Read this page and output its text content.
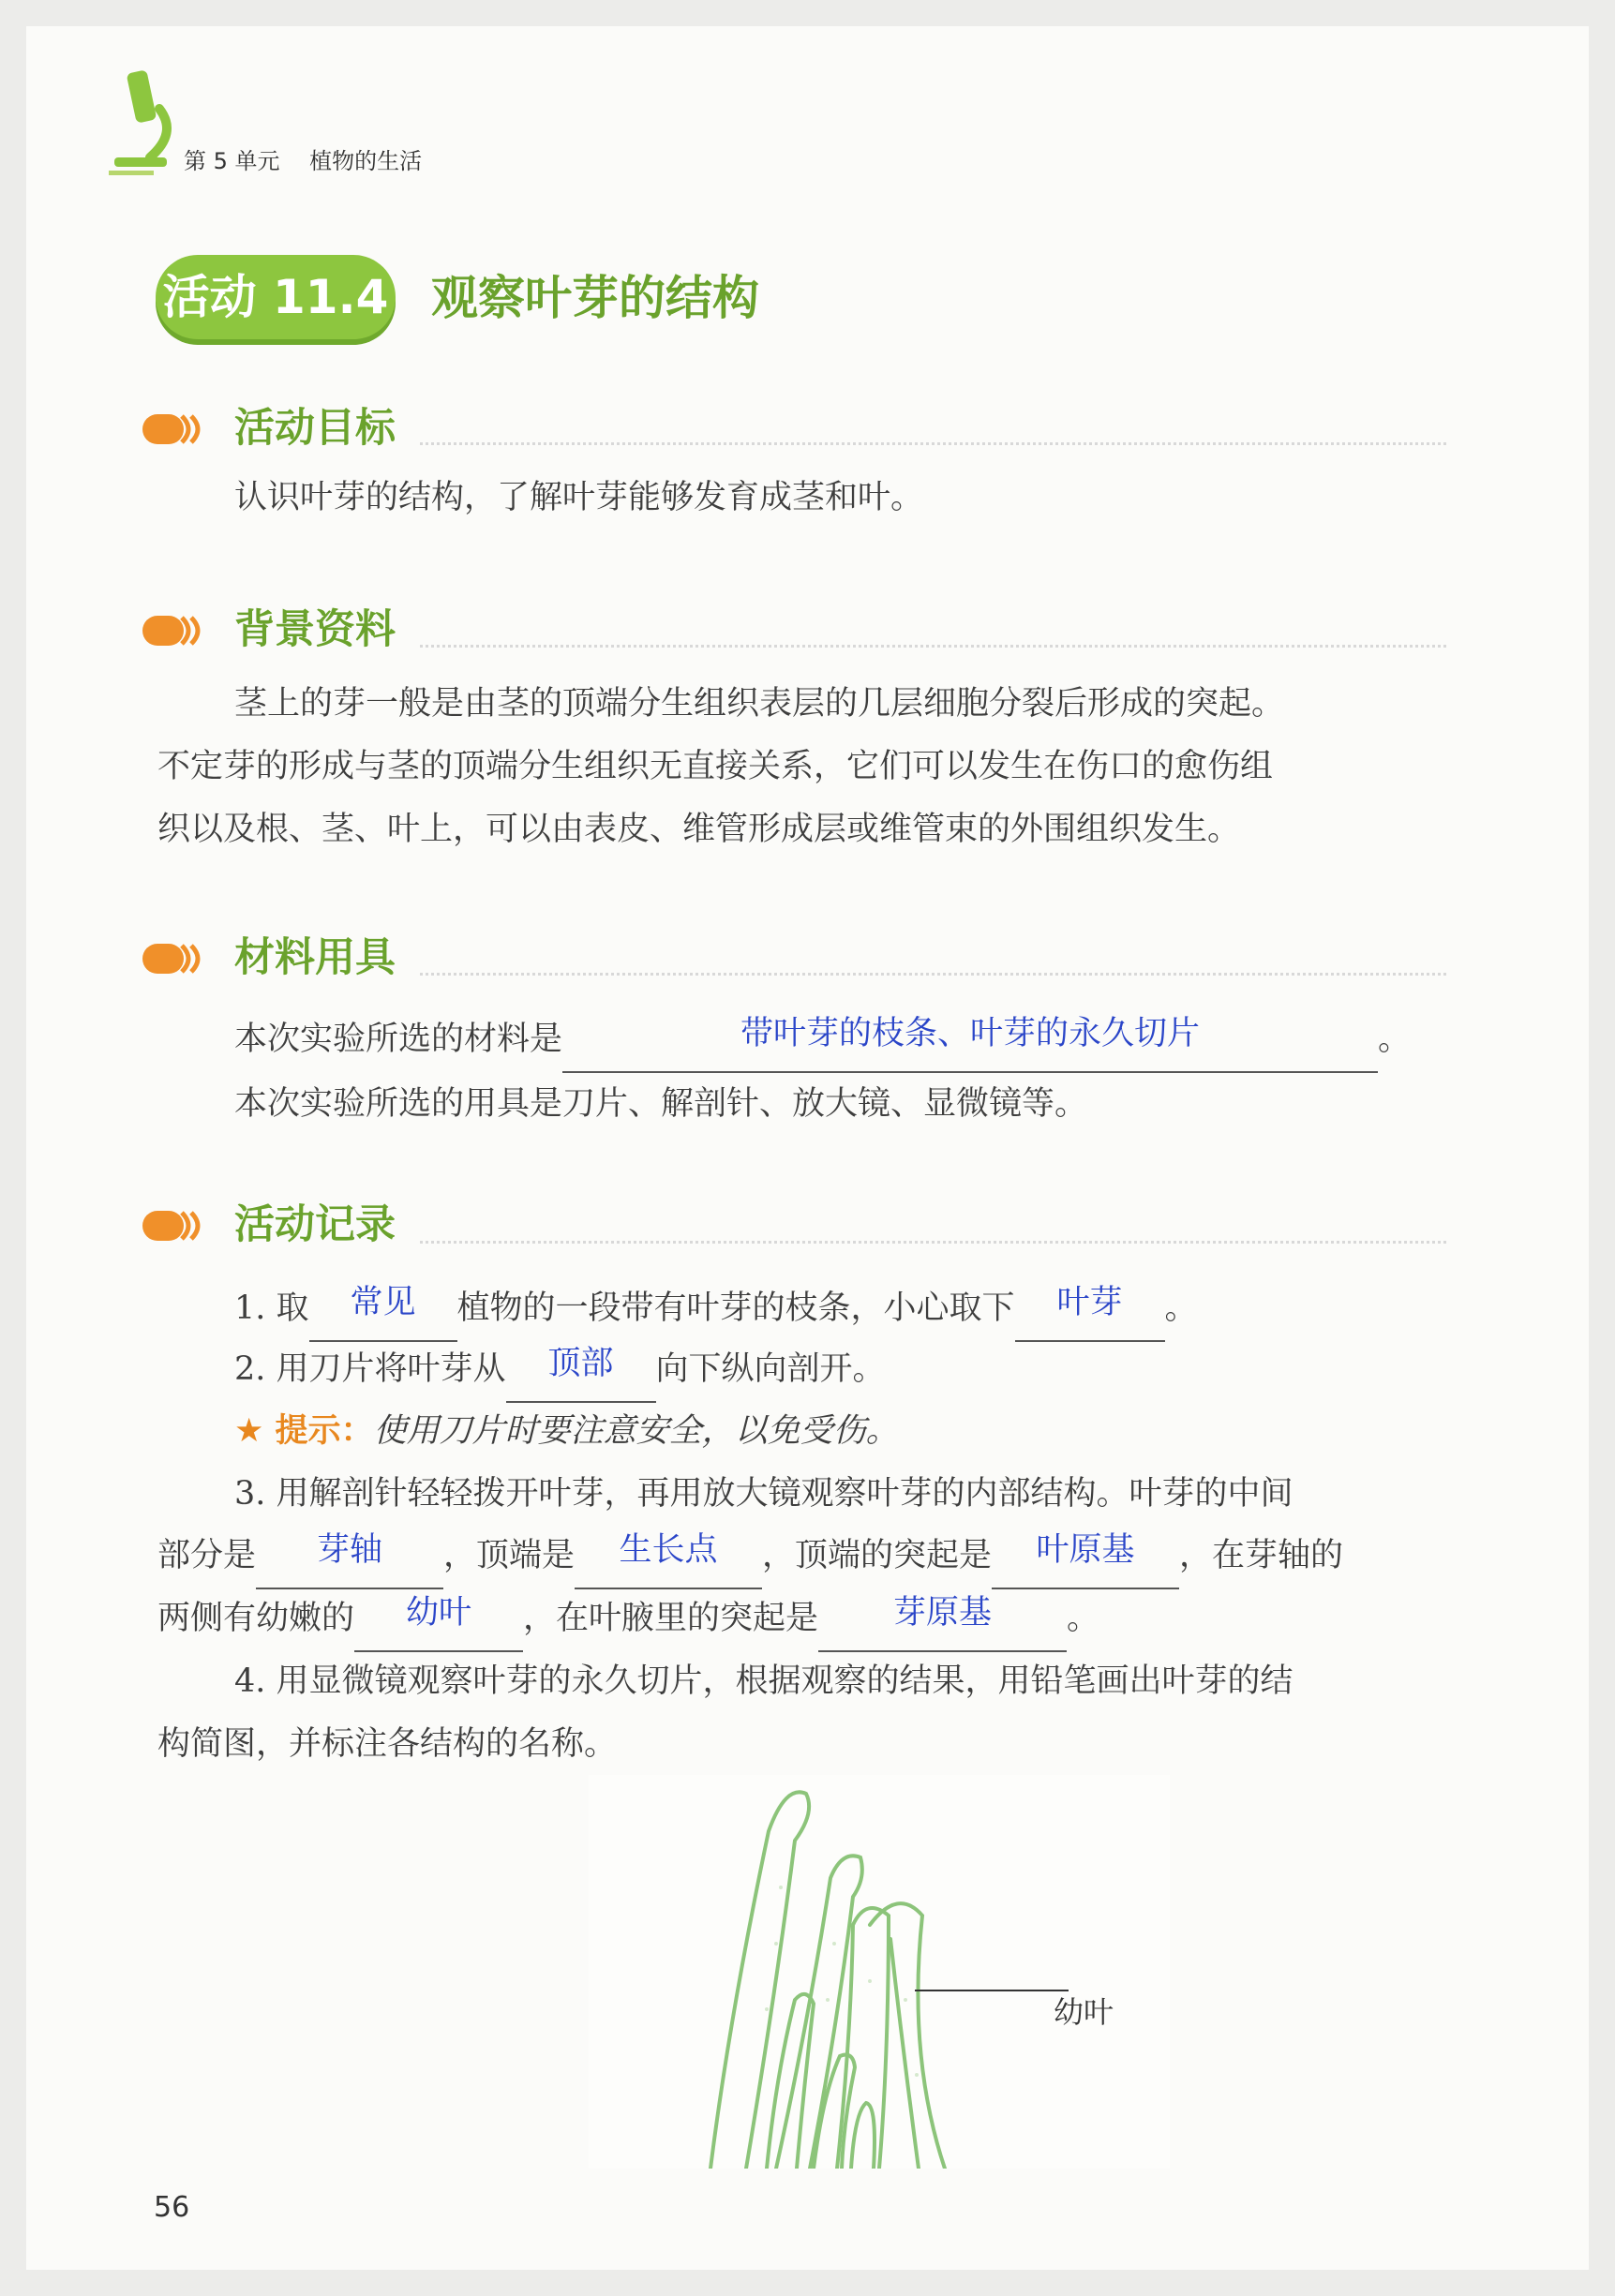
第 5 单元　 植物的生活
活动 11.4 观察叶芽的结构
活动目标
认识叶芽的结构，了解叶芽能够发育成茎和叶。
背景资料
茎上的芽一般是由茎的顶端分生组织表层的几层细胞分裂后形成的突起。
不定芽的形成与茎的顶端分生组织无直接关系，它们可以发生在伤口的愈伤组
织以及根、茎、叶上，可以由表皮、维管形成层或维管束的外围组织发生。
材料用具
本次实验所选的材料是	带叶芽的枝条、叶芽的永久切片	。
本次实验所选的用具是刀片、解剖针、放大镜、显微镜等。
活动记录
1. 取	常见	植物的一段带有叶芽的枝条，小心取下	叶芽	。
2. 用刀片将叶芽从	顶部	向下纵向剖开。
★ 提示：使用刀片时要注意安全，以免受伤。
3. 用解剖针轻轻拨开叶芽，再用放大镜观察叶芽的内部结构。叶芽的中间
部分是	芽轴	，顶端是	生长点	，顶端的突起是	叶原基	，在芽轴的
两侧有幼嫩的	幼叶	，在叶腋里的突起是	芽原基	。
4. 用显微镜观察叶芽的永久切片，根据观察的结果，用铅笔画出叶芽的结
构简图，并标注各结构的名称。
幼叶
56
